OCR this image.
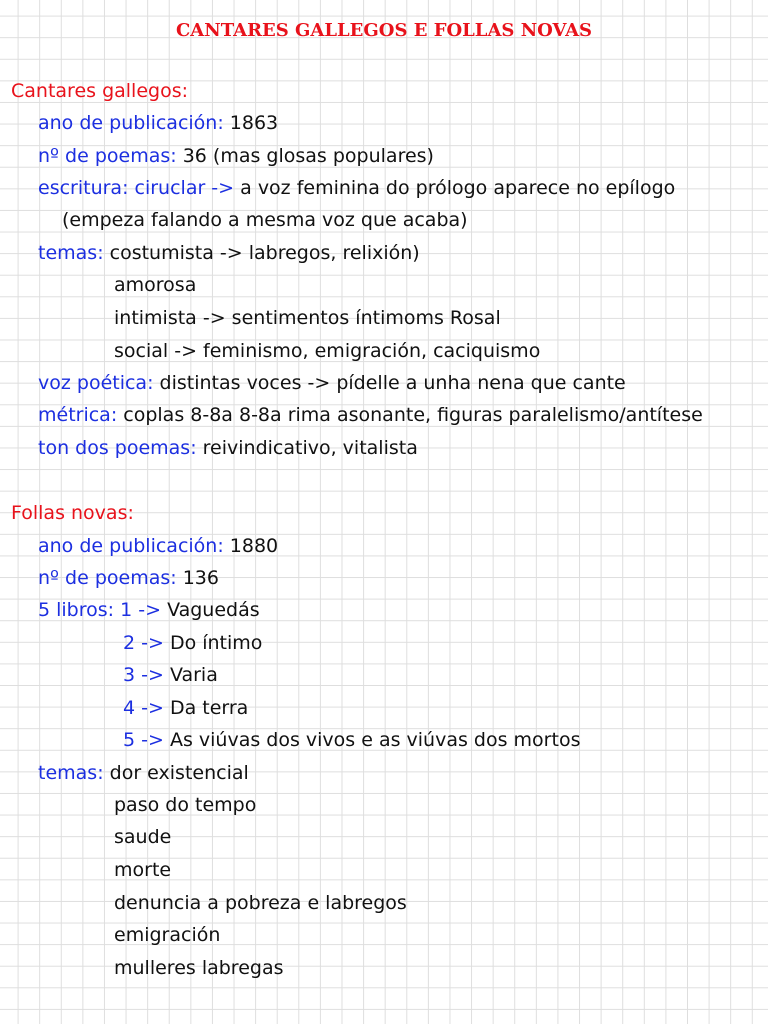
CANTARES GALLEGOS E FOLLAS NOVAS
Cantares gallegos:
ano de publicación: 1863
nº de poemas: 36 (mas glosas populares)
escritura: ciruclar -> a voz feminina do prólogo aparece no epílogo
(empeza falando a mesma voz que acaba)
temas: costumista -> labregos, relixión)
amorosa
intimista -> sentimentos íntimoms Rosal
social -> feminismo, emigración, caciquismo
voz poética: distintas voces -> pídelle a unha nena que cante
métrica: coplas 8-8a 8-8a rima asonante, figuras paralelismo/antítese
ton dos poemas: reivindicativo, vitalista
Follas novas:
ano de publicación: 1880
nº de poemas: 136
5 libros: 1 -> Vaguedás
2 -> Do íntimo
3 -> Varia
4 -> Da terra
5 -> As viúvas dos vivos e as viúvas dos mortos
temas: dor existencial
paso do tempo
saude
morte
denuncia a pobreza e labregos
emigración
mulleres labregas
